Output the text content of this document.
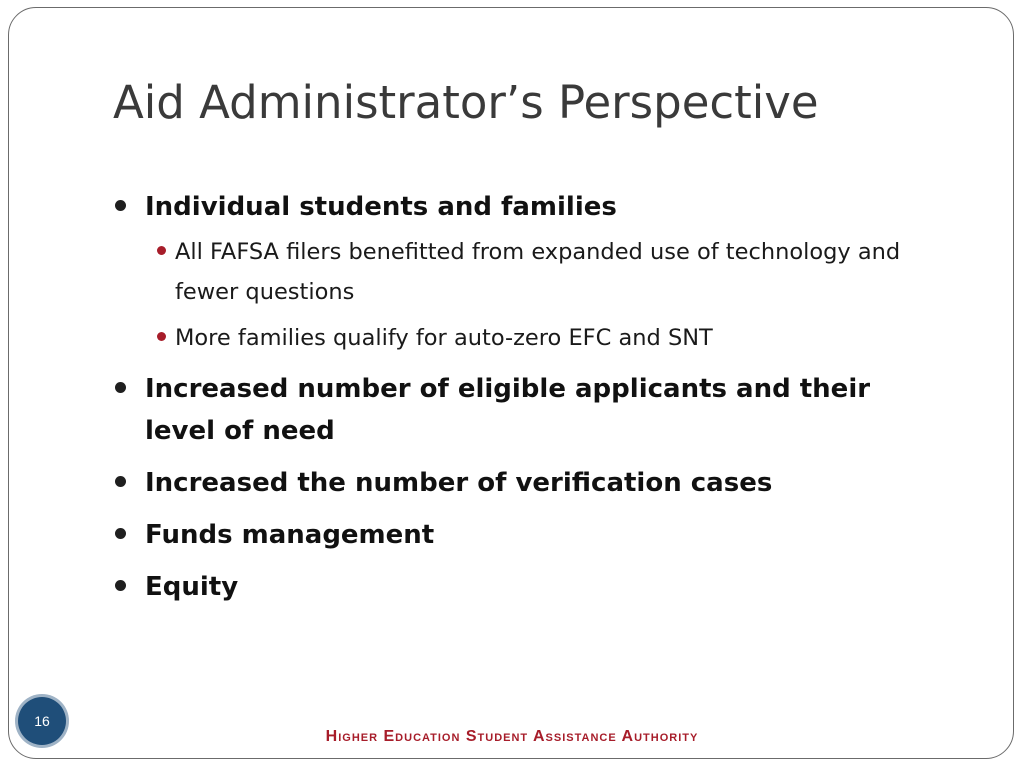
Aid Administrator’s Perspective
Individual students and families
All FAFSA filers benefitted from expanded use of technology and fewer questions
More families qualify for auto-zero EFC and SNT
Increased number of eligible applicants and their level of need
Increased the number of verification cases
Funds management
Equity
16
Higher Education Student Assistance Authority
